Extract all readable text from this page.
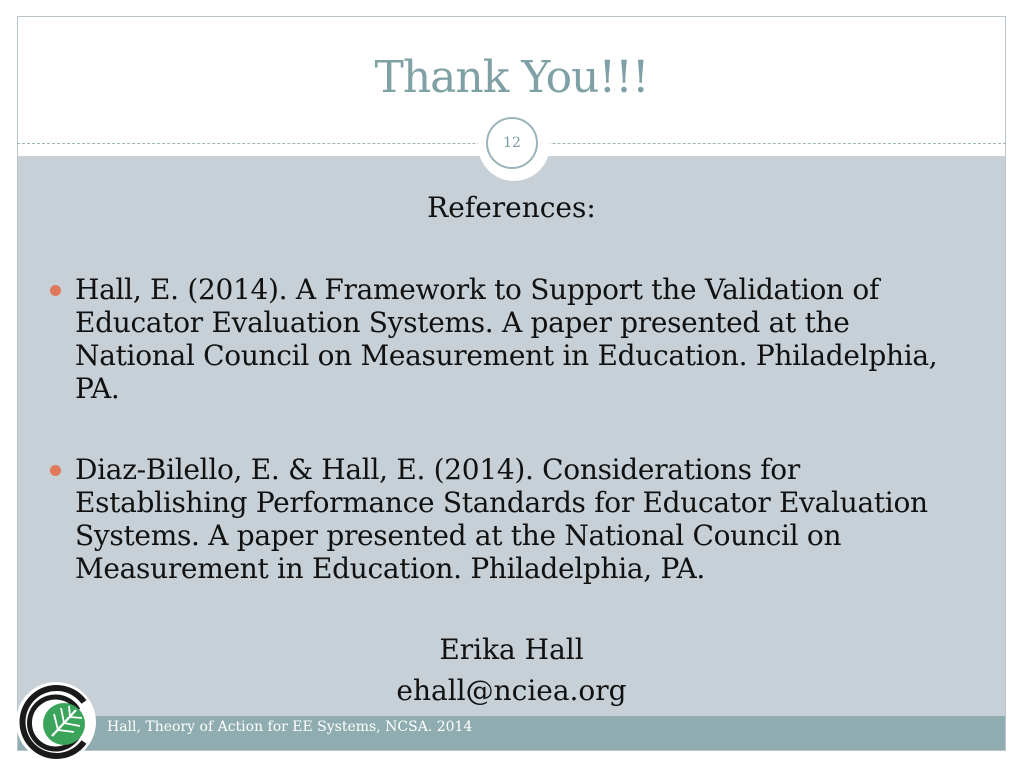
Thank You!!!
12
References:
Hall, E. (2014). A Framework to Support the Validation of Educator Evaluation Systems. A paper presented at the National Council on Measurement in Education. Philadelphia, PA.
Diaz-Bilello, E. & Hall, E. (2014). Considerations for Establishing Performance Standards for Educator Evaluation Systems. A paper presented at the National Council on Measurement in Education. Philadelphia, PA.
Erika Hall
ehall@nciea.org
Hall, Theory of Action for EE Systems, NCSA. 2014
